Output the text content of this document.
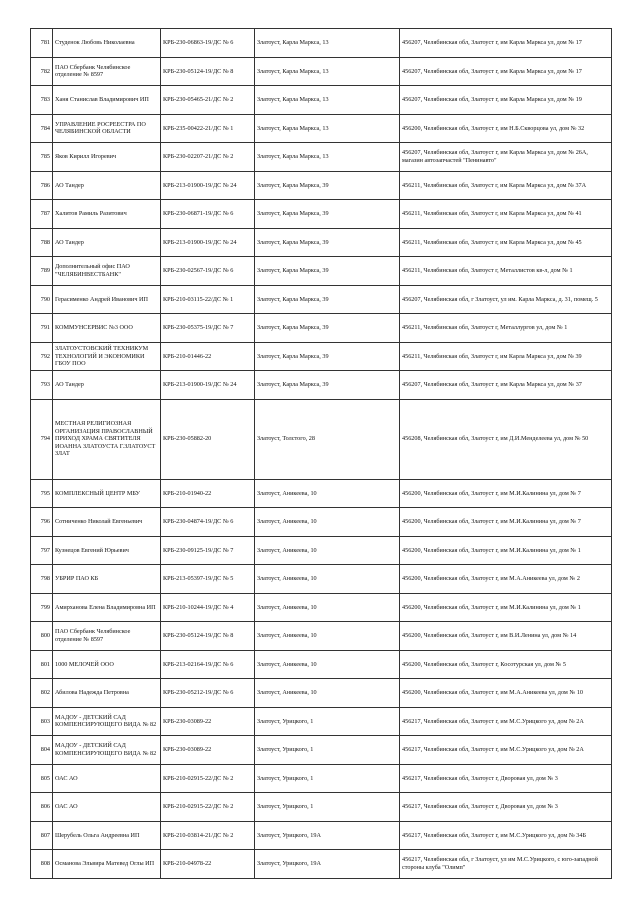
781	Студенок Любовь Николаевна	КРБ-230-06863-19/ДС № 6	Златоуст, Карла Маркса, 13	456207, Челябинская обл, Златоуст г, им Карла Маркса ул, дом № 17
782	ПАО Сбербанк Челябинское отделение № 8597	КРБ-230-05124-19/ДС № 8	Златоуст, Карла Маркса, 13	456207, Челябинская обл, Златоуст г, им Карла Маркса ул, дом № 17
783	Ханя Станислав Владимирович ИП	КРБ-230-05465-21/ДС № 2	Златоуст, Карла Маркса, 13	456207, Челябинская обл, Златоуст г, им Карла Маркса ул, дом № 19
784	УПРАВЛЕНИЕ РОСРЕЕСТРА ПО ЧЕЛЯБИНСКОЙ ОБЛАСТИ	КРБ-235-00422-21/ДС № 1	Златоуст, Карла Маркса, 13	456200, Челябинская обл, Златоуст г, им Н.Б.Скворцова ул, дом № 32
785	Яков Кирилл Игоревич	КРБ-230-02207-21/ДС № 2	Златоуст, Карла Маркса, 13	456207, Челябинская обл, Златоуст г, им Карла Маркса ул, дом № 26А, магазин автозапчастей "Пенинавто"
786	АО Тандер	КРБ-213-01900-19/ДС № 24	Златоуст, Карла Маркса, 39	456211, Челябинская обл, Златоуст г, им Карла Маркса ул, дом № 37А
787	Халитов Рамиль Разитович	КРБ-230-06871-19/ДС № 6	Златоуст, Карла Маркса, 39	456211, Челябинская обл, Златоуст г, им Карла Маркса ул, дом № 41
788	АО Тандер	КРБ-213-01900-19/ДС № 24	Златоуст, Карла Маркса, 39	456211, Челябинская обл, Златоуст г, им Карла Маркса ул, дом № 45
789	Дополнительный офис ПАО "ЧЕЛЯБИНВЕСТБАНК"	КРБ-230-02567-19/ДС № 6	Златоуст, Карла Маркса, 39	456211, Челябинская обл, Златоуст г, Металлистов кв-л, дом № 1
790	Герасименко Андрей Иванович ИП	КРБ-210-03115-22/ДС № 1	Златоуст, Карла Маркса, 39	456207, Челябинская обл, г Златоуст, ул им. Карла Маркса, д. 31, помещ. 5
791	КОММУНСЕРВИС №3 ООО	КРБ-230-05375-19/ДС № 7	Златоуст, Карла Маркса, 39	456211, Челябинская обл, Златоуст г, Металлургов ул, дом № 1
792	ЗЛАТОУСТОВСКИЙ ТЕХНИКУМ ТЕХНОЛОГИЙ И ЭКОНОМИКИ ГБОУ ПОО	КРБ-210-01446-22	Златоуст, Карла Маркса, 39	456211, Челябинская обл, Златоуст г, им Карла Маркса ул, дом № 39
793	АО Тандер	КРБ-213-01900-19/ДС № 24	Златоуст, Карла Маркса, 39	456207, Челябинская обл, Златоуст г, им Карла Маркса ул, дом № 37
794	МЕСТНАЯ РЕЛИГИОЗНАЯ ОРГАНИЗАЦИЯ ПРАВОСЛАВНЫЙ ПРИХОД ХРАМА СВЯТИТЕЛЯ ИОАННА ЗЛАТОУСТА Г.ЗЛАТОУСТ ЗЛАТ	КРБ-230-05882-20	Златоуст, Толстого, 28	456208, Челябинская обл, Златоуст г, им Д.И.Менделеева ул, дом № 50
795	КОМПЛЕКСНЫЙ ЦЕНТР МБУ	КРБ-210-01940-22	Златоуст, Аникеева, 10	456200, Челябинская обл, Златоуст г, им М.И.Калинина ул, дом № 7
796	Сотниченко Николай Евгеньевич	КРБ-230-04874-19/ДС № 6	Златоуст, Аникеева, 10	456200, Челябинская обл, Златоуст г, им М.И.Калинина ул, дом № 7
797	Кузнецов Евгений Юрьевич	КРБ-230-09125-19/ДС № 7	Златоуст, Аникеева, 10	456200, Челябинская обл, Златоуст г, им М.И.Калинина ул, дом № 1
798	УБРИР ПАО КБ	КРБ-213-05397-19/ДС № 5	Златоуст, Аникеева, 10	456200, Челябинская обл, Златоуст г, им М.А.Аникеева ул, дом № 2
799	Амирханова Елена Владимировна ИП	КРБ-210-10244-19/ДС № 4	Златоуст, Аникеева, 10	456200, Челябинская обл, Златоуст г, им М.И.Калинина ул, дом № 1
800	ПАО Сбербанк Челябинское отделение № 8597	КРБ-230-05124-19/ДС № 8	Златоуст, Аникеева, 10	456200, Челябинская обл, Златоуст г, им В.И.Ленина ул, дом № 14
801	1000 МЕЛОЧЕЙ ООО	КРБ-213-02164-19/ДС № 6	Златоуст, Аникеева, 10	456200, Челябинская обл, Златоуст г, Косотурская ул, дом № 5
802	Абилова Надежда Петровна	КРБ-230-05212-19/ДС № 6	Златоуст, Аникеева, 10	456200, Челябинская обл, Златоуст г, им М.А.Аникеева ул, дом № 10
803	МАДОУ - ДЕТСКИЙ САД КОМПЕНСИРУЮЩЕГО ВИДА № 82	КРБ-230-03089-22	Златоуст, Урицкого, 1	456217, Челябинская обл, Златоуст г, им М.С.Урицкого ул, дом № 2А
804	МАДОУ - ДЕТСКИЙ САД КОМПЕНСИРУЮЩЕГО ВИДА № 82	КРБ-230-03089-22	Златоуст, Урицкого, 1	456217, Челябинская обл, Златоуст г, им М.С.Урицкого ул, дом № 2А
805	ОАС АО	КРБ-210-02915-22/ДС № 2	Златоуст, Урицкого, 1	456217, Челябинская обл, Златоуст г, Дворовая ул, дом № 3
806	ОАС АО	КРБ-210-02915-22/ДС № 2	Златоуст, Урицкого, 1	456217, Челябинская обл, Златоуст г, Дворовая ул, дом № 3
807	Шерубель Ольга Андреевна ИП	КРБ-210-03814-21/ДС № 2	Златоуст, Урицкого, 19А	456217, Челябинская обл, Златоуст г, им М.С.Урицкого ул, дом № 34Б
808	Османова Эльвира Матевед Оглы ИП	КРБ-210-04978-22	Златоуст, Урицкого, 19А	456217, Челябинская обл, г Златоуст, ул им М.С.Урицкого, с юго-западной стороны клуба "Олимп"
